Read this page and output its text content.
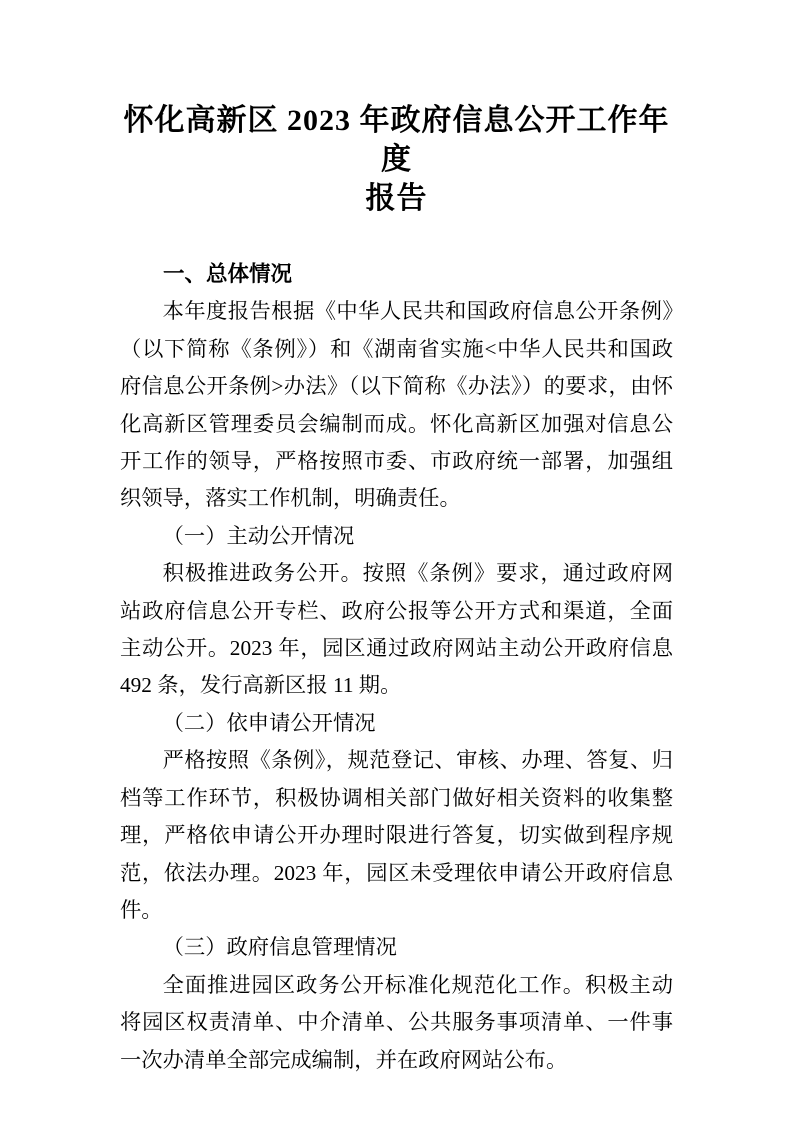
怀化高新区 2023 年政府信息公开工作年度
报告
一、总体情况

本年度报告根据《中华人民共和国政府信息公开条例》（以下简称《条例》）和《湖南省实施<中华人民共和国政府信息公开条例>办法》（以下简称《办法》）的要求，由怀化高新区管理委员会编制而成。怀化高新区加强对信息公开工作的领导，严格按照市委、市政府统一部署，加强组织领导，落实工作机制，明确责任。

（一）主动公开情况

积极推进政务公开。按照《条例》要求，通过政府网站政府信息公开专栏、政府公报等公开方式和渠道，全面主动公开。2023 年，园区通过政府网站主动公开政府信息 492 条，发行高新区报 11 期。

（二）依申请公开情况

严格按照《条例》，规范登记、审核、办理、答复、归档等工作环节，积极协调相关部门做好相关资料的收集整理，严格依申请公开办理时限进行答复，切实做到程序规范，依法办理。2023 年，园区未受理依申请公开政府信息件。

（三）政府信息管理情况

全面推进园区政务公开标准化规范化工作。积极主动将园区权责清单、中介清单、公共服务事项清单、一件事一次办清单全部完成编制，并在政府网站公布。
